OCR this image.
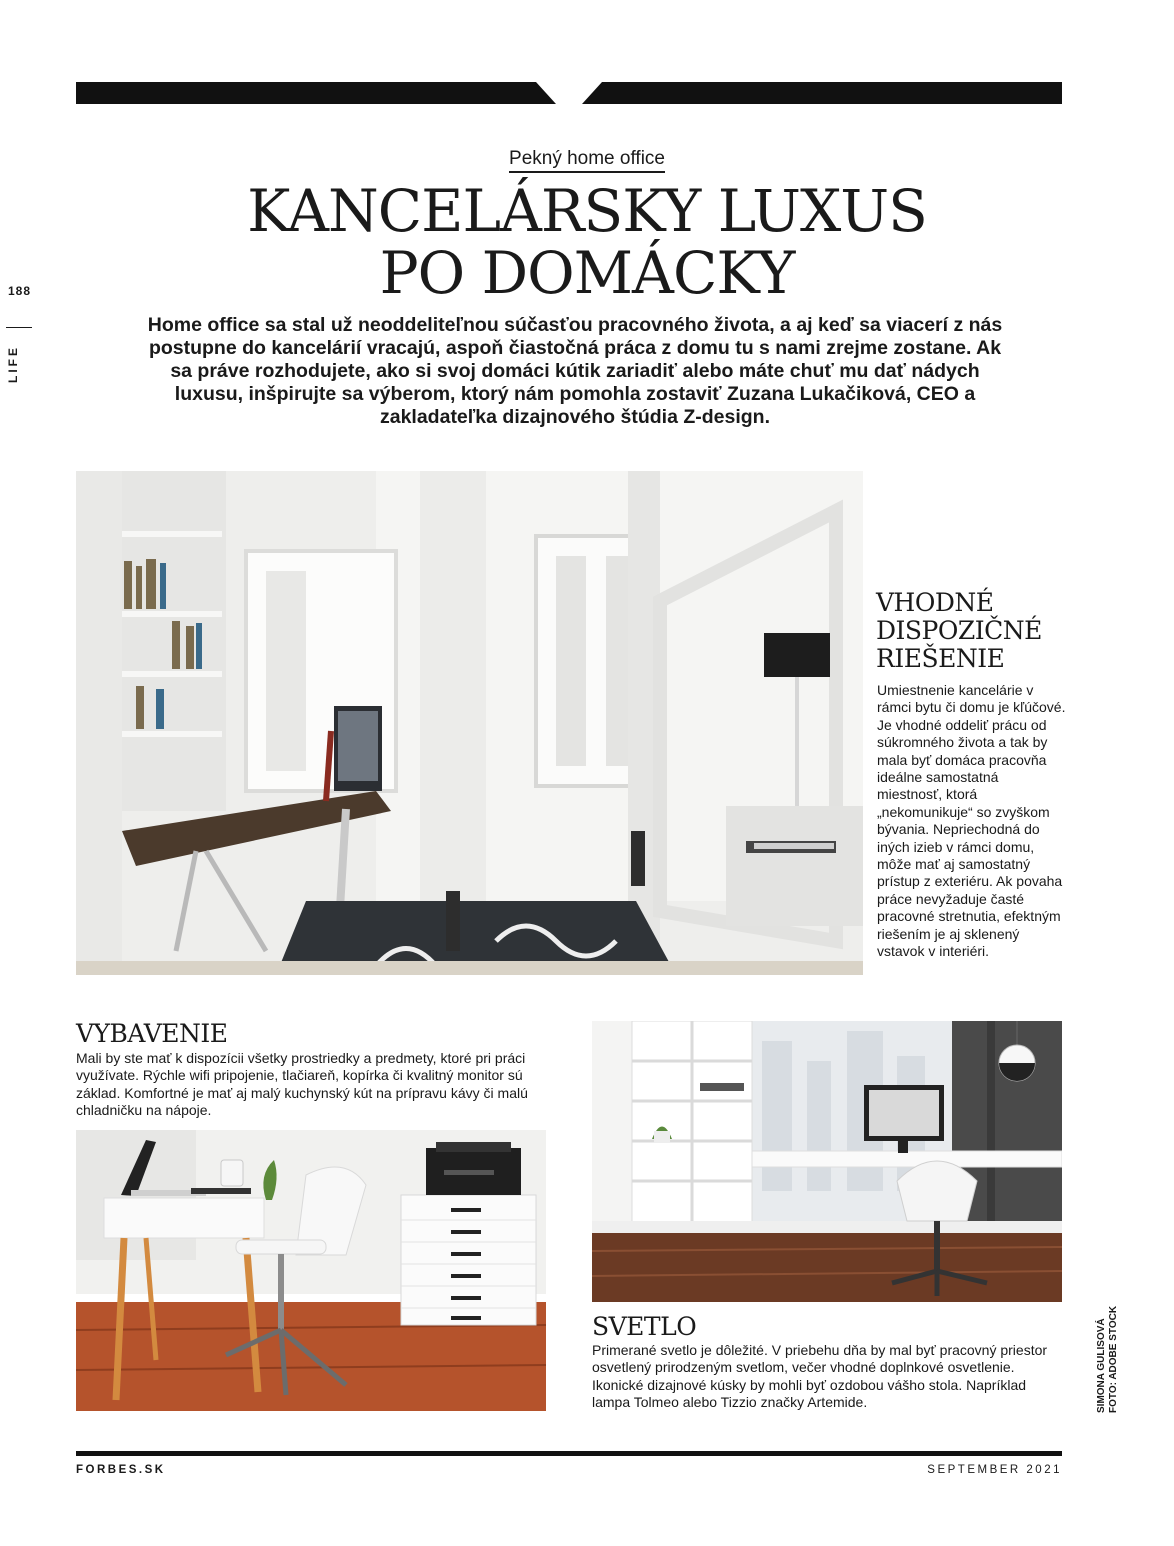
188
LIFE
Pekný home office
KANCELÁRSKY LUXUS
PO DOMÁCKY

Home office sa stal už neoddeliteľnou súčasťou pracovného života, a aj keď sa viacerí z nás postupne do kancelárií vracajú, aspoň čiastočná práca z domu tu s nami zrejme zostane. Ak sa práve rozhodujete, ako si svoj domáci kútik zariadiť alebo máte chuť mu dať nádych luxusu, inšpirujte sa výberom, ktorý nám pomohla zostaviť Zuzana Lukačiková, CEO a zakladateľka dizajnového štúdia Z-design.

VHODNÉ
DISPOZIČNÉ
RIEŠENIE

Umiestnenie kancelárie v rámci bytu či domu je kľúčové. Je vhodné oddeliť prácu od súkromného života a tak by mala byť domáca pracovňa ideálne samostatná miestnosť, ktorá „nekomunikuje“ so zvyškom bývania. Nepriechodná do iných izieb v rámci domu, môže mať aj samostatný prístup z exteriéru. Ak povaha práce nevyžaduje časté pracovné stretnutia, efektným riešením je aj sklenený vstavok v interiéri.

VYBAVENIE

Mali by ste mať k dispozícii všetky prostriedky a predmety, ktoré pri práci využívate. Rýchle wifi pripojenie, tlačiareň, kopírka či kvalitný monitor sú základ. Komfortné je mať aj malý kuchynský kút na prípravu kávy či malú chladničku na nápoje.

SVETLO

Primerané svetlo je dôležité. V priebehu dňa by mal byť pracovný priestor osvetlený prirodzeným svetlom, večer vhodné doplnkové osvetlenie. Ikonické dizajnové kúsky by mohli byť ozdobou vášho stola. Napríklad lampa Tolmeo alebo Tizzio značky Artemide.	SIMONA GULISOVÁ
FOTO: ADOBE STOCK
FORBES.SK	SEPTEMBER 2021
